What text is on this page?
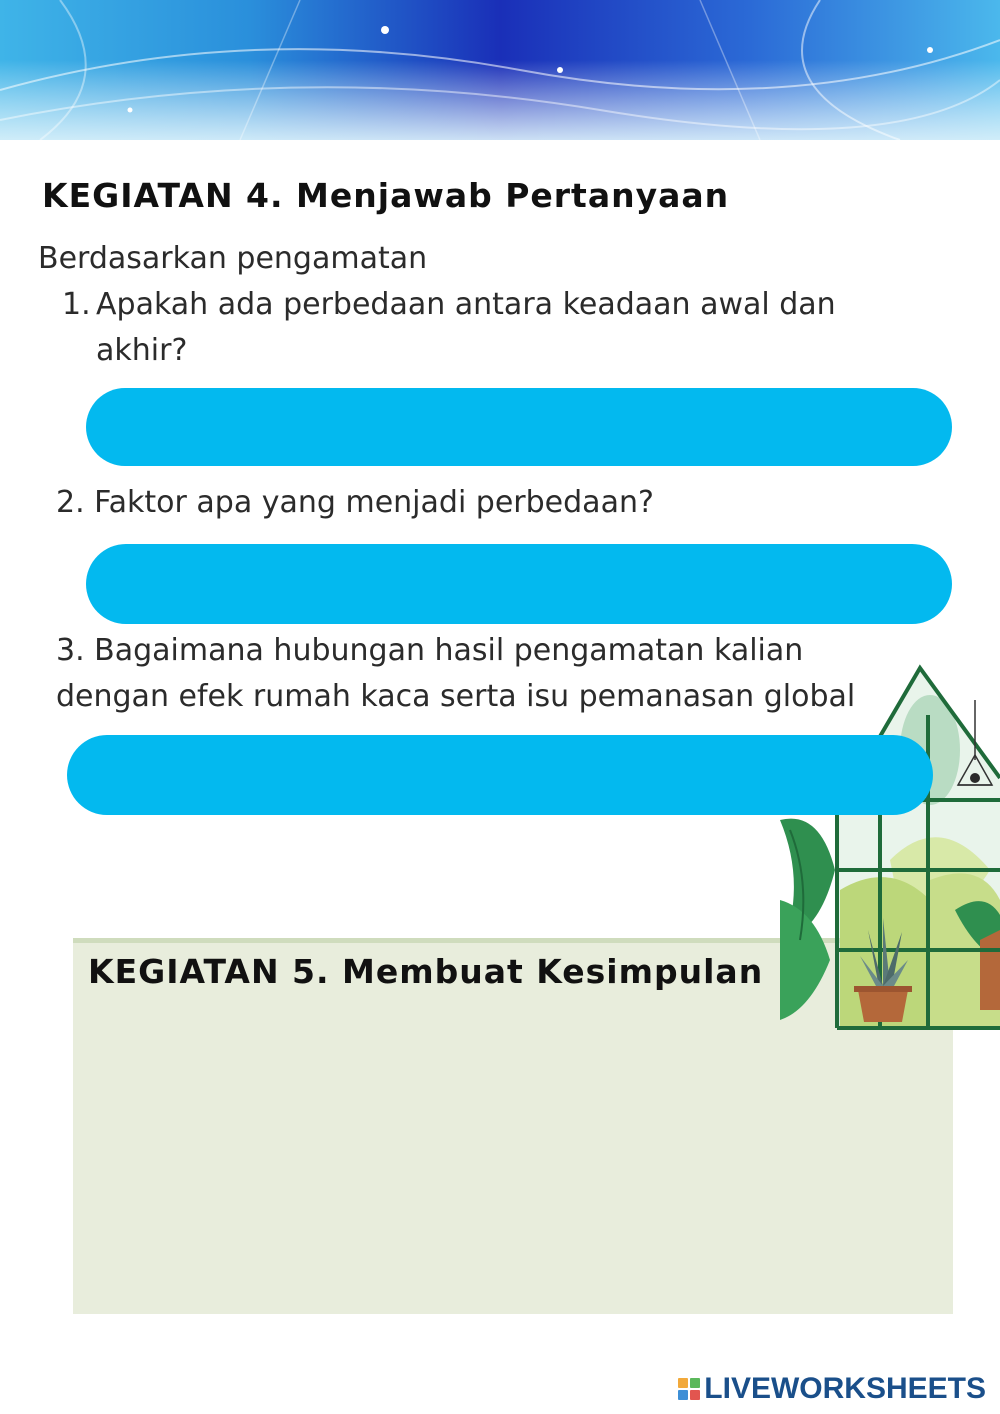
KEGIATAN 4. Menjawab Pertanyaan

Berdasarkan pengamatan

1. Apakah ada perbedaan antara keadaan awal dan
akhir?

2. Faktor apa yang menjadi perbedaan?

3. Bagaimana hubungan hasil pengamatan kalian
dengan efek rumah kaca serta isu pemanasan global

KEGIATAN 5. Membuat Kesimpulan
LIVEWORKSHEETS
